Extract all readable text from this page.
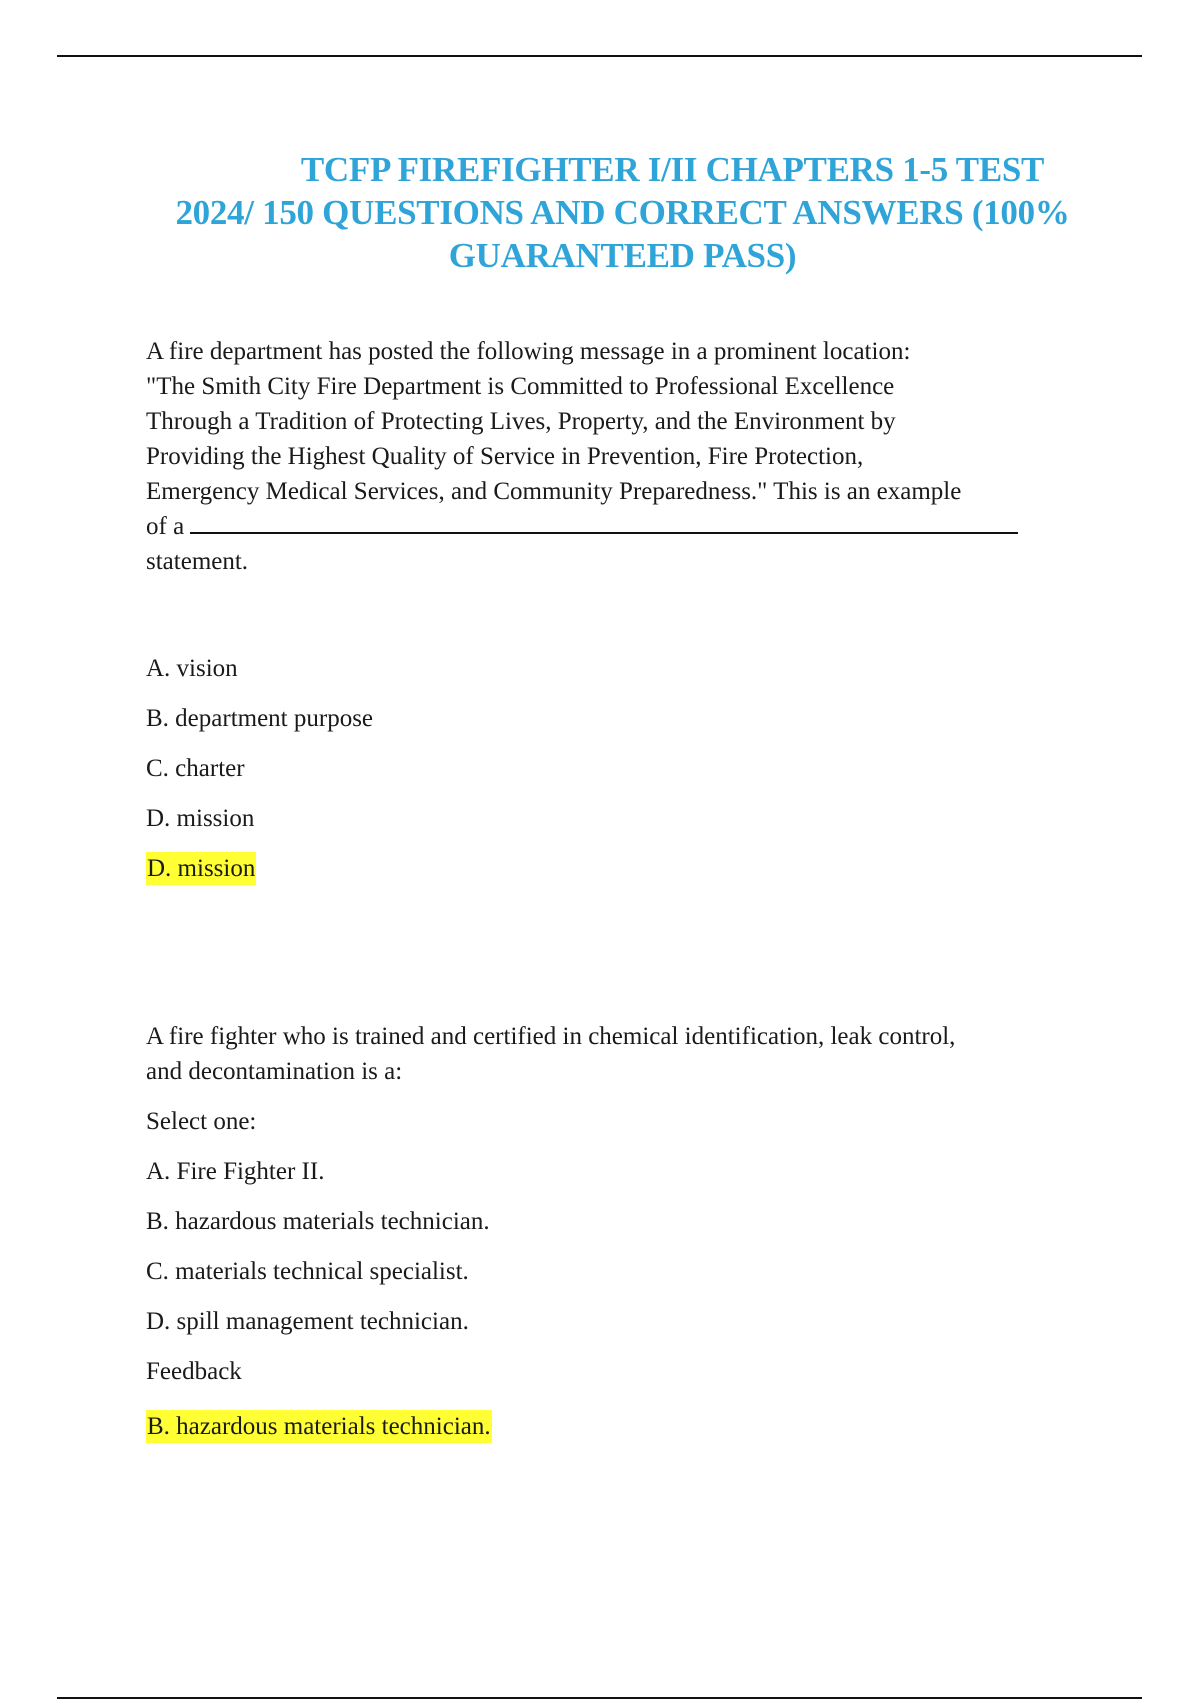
TCFP FIREFIGHTER I/II CHAPTERS 1-5 TEST
2024/ 150 QUESTIONS AND CORRECT ANSWERS (100%
GUARANTEED PASS)

A fire department has posted the following message in a prominent location:
"The Smith City Fire Department is Committed to Professional Excellence
Through a Tradition of Protecting Lives, Property, and the Environment by
Providing the Highest Quality of Service in Prevention, Fire Protection,
Emergency Medical Services, and Community Preparedness." This is an example
of a
statement.

A. vision
B. department purpose
C. charter
D. mission
D. mission

A fire fighter who is trained and certified in chemical identification, leak control,
and decontamination is a:

Select one:

A. Fire Fighter II.
B. hazardous materials technician.
C. materials technical specialist.
D. spill management technician.

Feedback

B. hazardous materials technician.
